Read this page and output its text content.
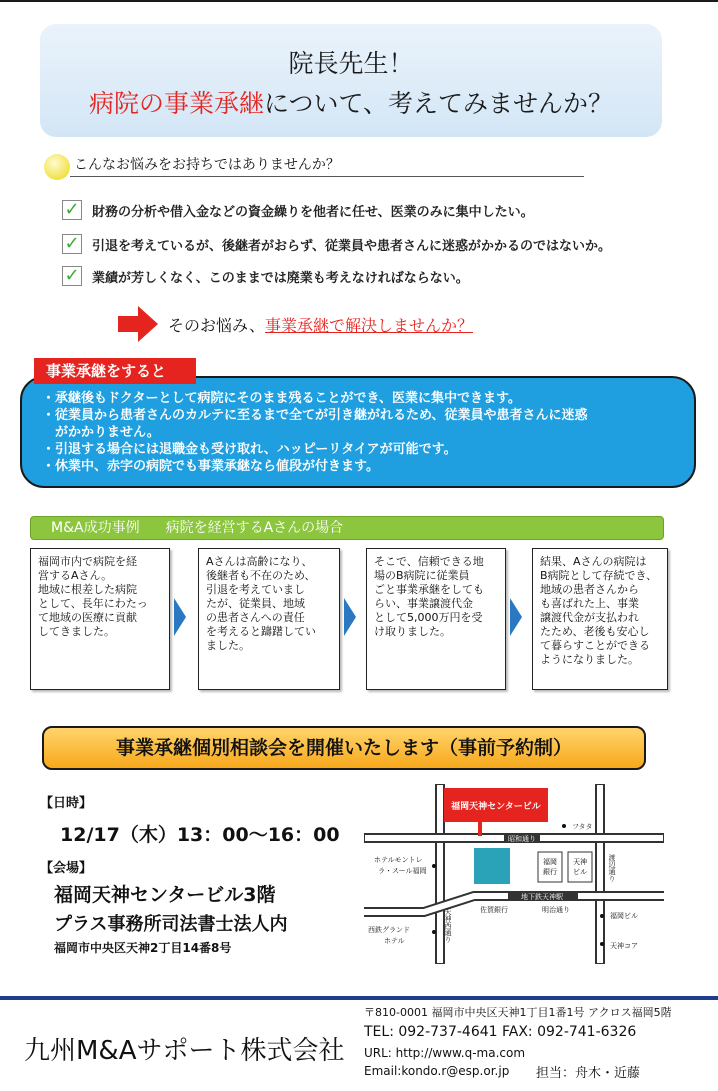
院長先生！
病院の事業承継について、考えてみませんか？
こんなお悩みをお持ちではありませんか？
✓ 財務の分析や借入金などの資金繰りを他者に任せ、医業のみに集中したい。
✓ 引退を考えているが、後継者がおらず、従業員や患者さんに迷惑がかかるのではないか。
✓ 業績が芳しくなく、このままでは廃業も考えなければならない。
そのお悩み、事業承継で解決しませんか？
事業承継をすると
・承継後もドクターとして病院にそのまま残ることができ、医業に集中できます。
・従業員から患者さんのカルテに至るまで全てが引き継がれるため、従業員や患者さんに迷惑
　がかかりません。
・引退する場合には退職金も受け取れ、ハッピーリタイアが可能です。
・休業中、赤字の病院でも事業承継なら値段が付きます。
M&A成功事例 病院を経営するAさんの場合
福岡市内で病院を経
営するAさん。
地域に根差した病院
として、長年にわたっ
て地域の医療に貢献
してきました。
Aさんは高齢になり、
後継者も不在のため、
引退を考えていまし
たが、従業員、地域
の患者さんへの責任
を考えると躊躇してい
ました。
そこで、信頼できる地
場のB病院に従業員
ごと事業承継をしても
らい、事業譲渡代金
として5,000万円を受
け取りました。
結果、Aさんの病院は
B病院として存続でき、
地域の患者さんから
も喜ばれた上、事業
譲渡代金が支払われ
たため、老後も安心し
て暮らすことができる
ようになりました。
事業承継個別相談会を開催いたします（事前予約制）
【日時】
12/17（木）13：00〜16：00
【会場】
福岡天神センタービル3階
プラス事務所司法書士法人内
福岡市中央区天神2丁目14番8号
福岡天神センタービル
昭和通り
フタタ
ホテルモントレ
ラ・スール福岡
福岡
銀行
天神
ビル	渡辺通り
地下鉄天神駅
佐賀銀行	明治通り
西鉄グランド
ホテル	天神西通り	福岡ビル
天神コア
九州M&Aサポート株式会社
〒810-0001 福岡市中央区天神1丁目1番1号 アクロス福岡5階
TEL: 092-737-4641 FAX: 092-741-6326
URL: http://www.q-ma.com
Email:kondo.r@esp.or.jp 担当：舟木・近藤
